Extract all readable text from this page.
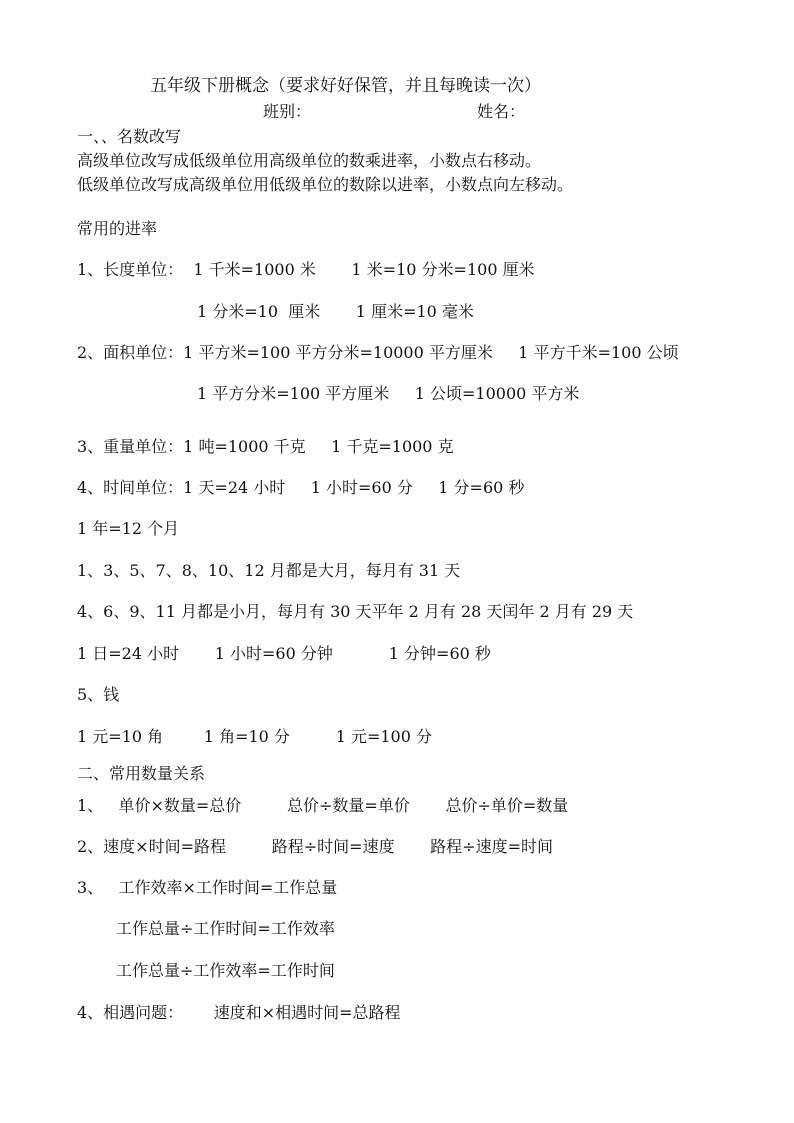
五年级下册概念（要求好好保管，并且每晚读一次）
班别：	姓名：
一、、名数改写
高级单位改写成低级单位用高级单位的数乘进率，小数点右移动。
低级单位改写成高级单位用低级单位的数除以进率，小数点向左移动。
常用的进率
1、长度单位：  1 千米=1000 米       1 米=10 分米=100 厘米
1 分米=10  厘米       1 厘米=10 毫米
2、面积单位：1 平方米=100 平方分米=10000 平方厘米     1 平方千米=100 公顷
1 平方分米=100 平方厘米     1 公顷=10000 平方米
3、重量单位：1 吨=1000 千克     1 千克=1000 克
4、时间单位：1 天=24 小时     1 小时=60 分     1 分=60 秒
1 年=12 个月
1、3、5、7、8、10、12 月都是大月，每月有 31 天
4、6、9、11 月都是小月，每月有 30 天平年 2 月有 28 天闰年 2 月有 29 天
1 日=24 小时       1 小时=60 分钟           1 分钟=60 秒
5、钱
1 元=10 角        1 角=10 分         1 元=100 分
二、常用数量关系
1、   单价×数量=总价         总价÷数量=单价       总价÷单价=数量
2、速度×时间=路程         路程÷时间=速度       路程÷速度=时间
3、   工作效率×工作时间=工作总量
工作总量÷工作时间=工作效率
工作总量÷工作效率=工作时间
4、相遇问题：      速度和×相遇时间=总路程
